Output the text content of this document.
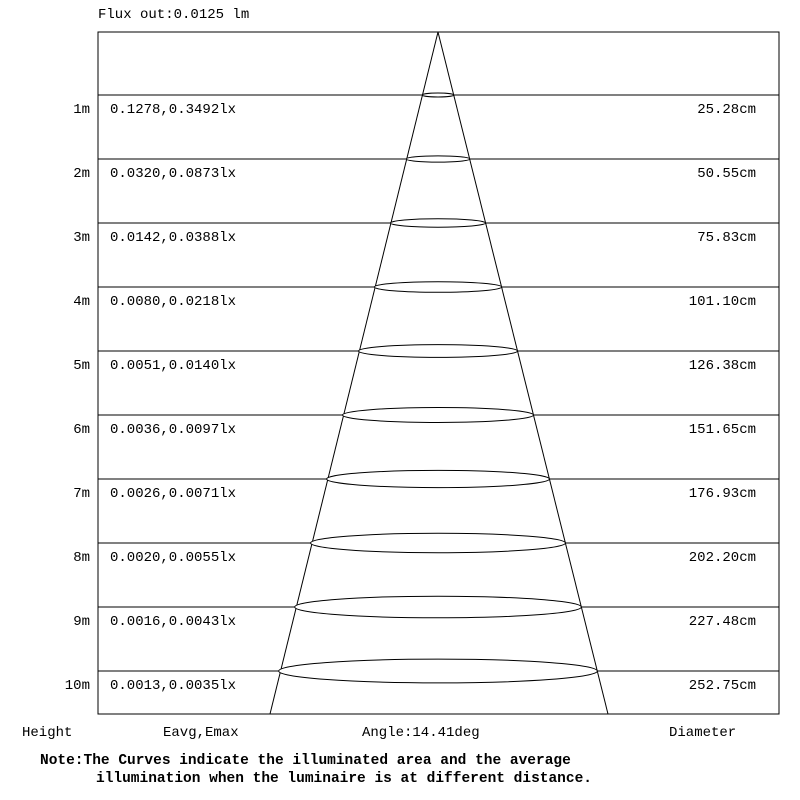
Flux out:0.0125 lm
1m 0.1278,0.3492lx	25.28cm
2m 0.0320,0.0873lx	50.55cm
3m 0.0142,0.0388lx	75.83cm
4m 0.0080,0.0218lx	101.10cm
5m 0.0051,0.0140lx	126.38cm
6m 0.0036,0.0097lx	151.65cm
7m 0.0026,0.0071lx	176.93cm
8m 0.0020,0.0055lx	202.20cm
9m 0.0016,0.0043lx	227.48cm
10m 0.0013,0.0035lx	252.75cm
Height	Eavg,Emax	Angle:14.41deg	Diameter
Note:The Curves indicate the illuminated area and the average
illumination when the luminaire is at different distance.
